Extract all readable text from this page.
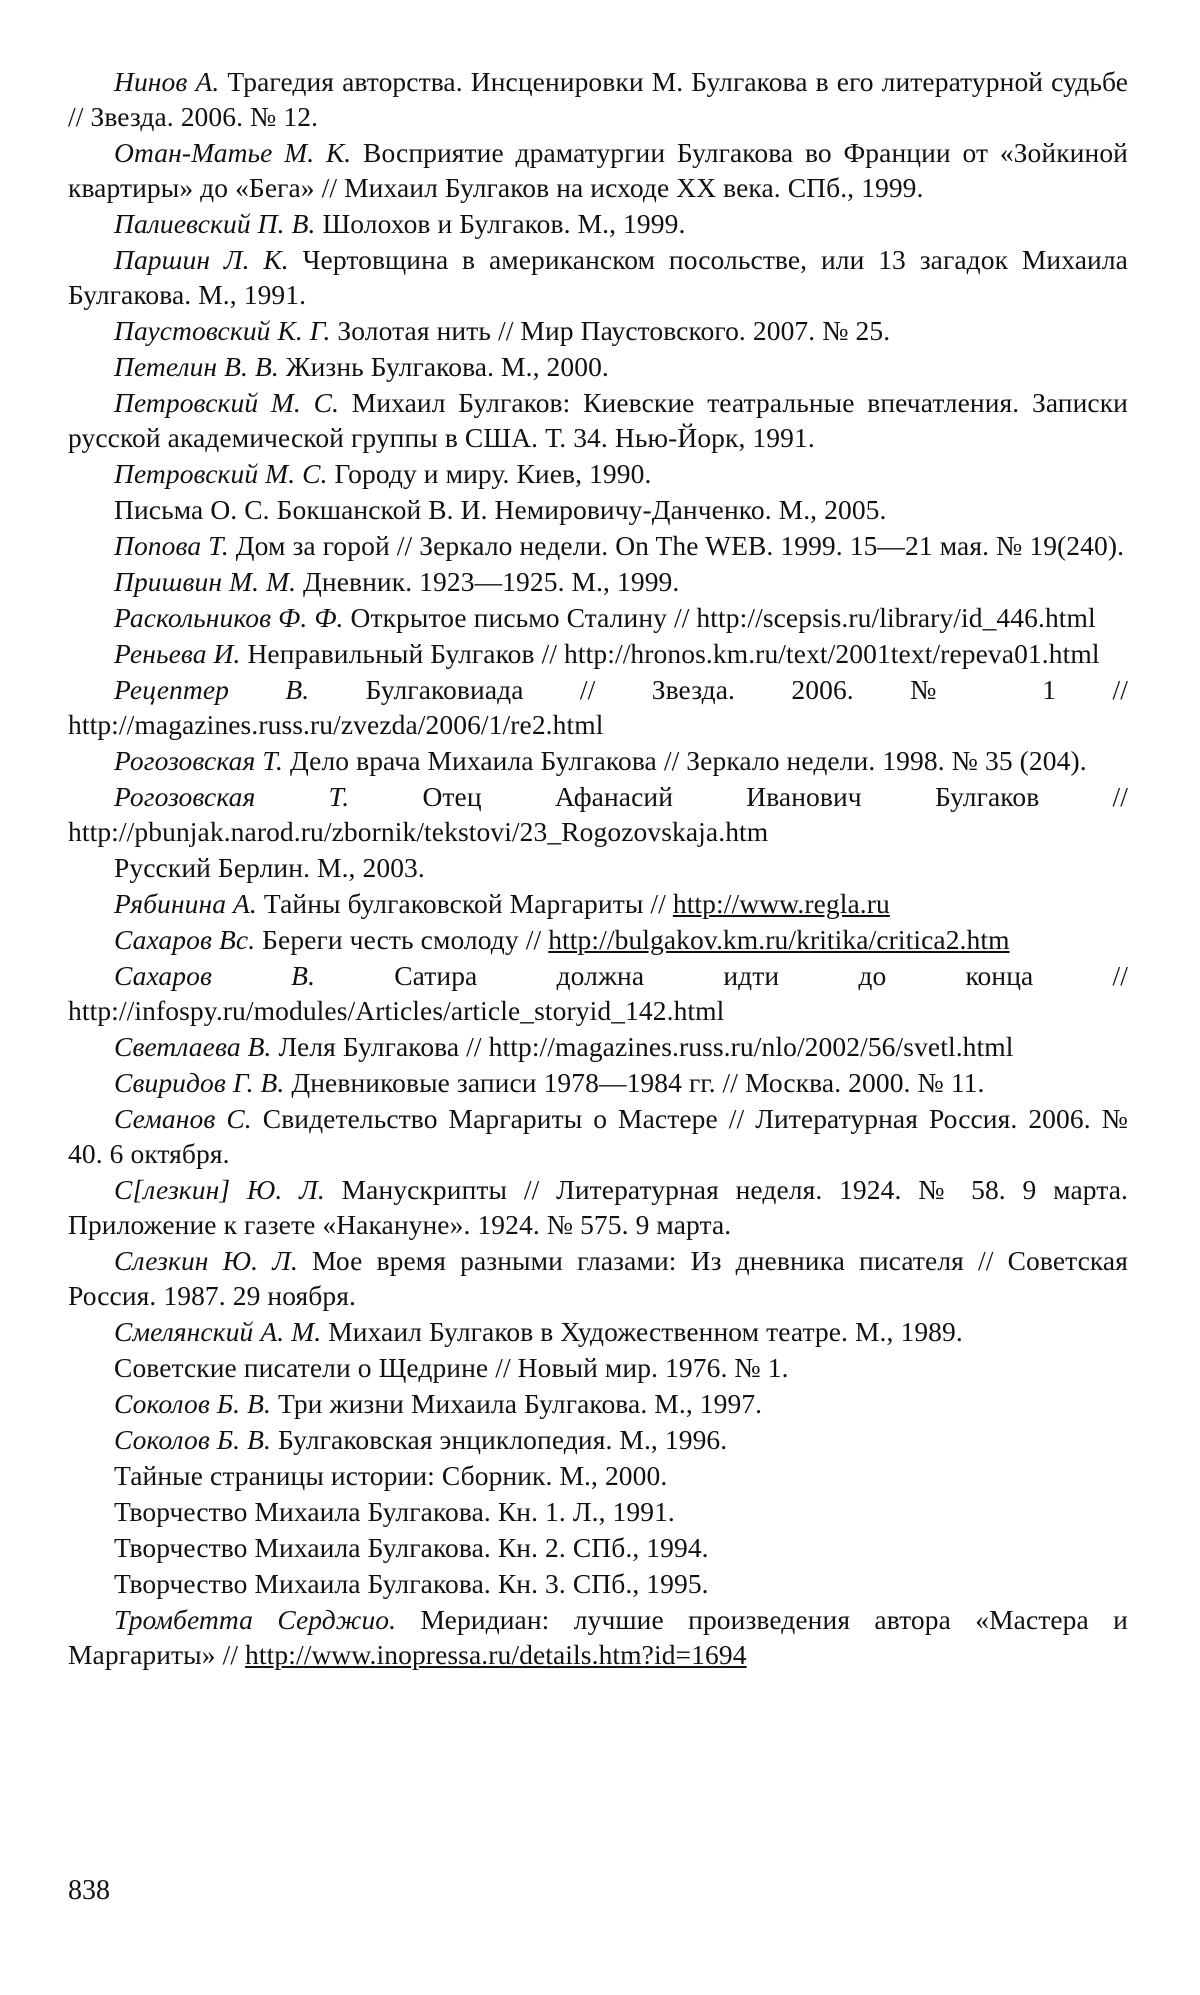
Нинов А. Трагедия авторства. Инсценировки М. Булгакова в его литературной судьбе // Звезда. 2006. № 12.

Отан-Матье М. К. Восприятие драматургии Булгакова во Франции от «Зойкиной квартиры» до «Бега» // Михаил Булгаков на исходе XX века. СПб., 1999.

Палиевский П. В. Шолохов и Булгаков. М., 1999.

Паршин Л. К. Чертовщина в американском посольстве, или 13 загадок Михаила Булгакова. М., 1991.

Паустовский К. Г. Золотая нить // Мир Паустовского. 2007. № 25.

Петелин В. В. Жизнь Булгакова. М., 2000.

Петровский М. С. Михаил Булгаков: Киевские театральные впечатления. Записки русской академической группы в США. Т. 34. Нью-Йорк, 1991.

Петровский М. С. Городу и миру. Киев, 1990.

Письма О. С. Бокшанской В. И. Немировичу-Данченко. М., 2005.

Попова Т. Дом за горой // Зеркало недели. On The WEB. 1999. 15—21 мая. № 19(240).

Пришвин М. М. Дневник. 1923—1925. М., 1999.

Раскольников Ф. Ф. Открытое письмо Сталину // http://scepsis.ru/library/id_446.html

Реньева И. Неправильный Булгаков // http://hronos.km.ru/text/2001text/repeva01.html

Рецептер В. Булгаковиада // Звезда. 2006. № 1 // http://magazines.russ.ru/zvezda/2006/1/re2.html

Рогозовская Т. Дело врача Михаила Булгакова // Зеркало недели. 1998. № 35 (204).

Рогозовская Т. Отец Афанасий Иванович Булгаков // http://pbunjak.narod.ru/zbornik/tekstovi/23_Rogozovskaja.htm

Русский Берлин. М., 2003.

Рябинина А. Тайны булгаковской Маргариты // http://www.regla.ru

Сахаров Вс. Береги честь смолоду // http://bulgakov.km.ru/kritika/critica2.htm

Сахаров В. Сатира должна идти до конца // http://infospy.ru/modules/Articles/article_storyid_142.html

Светлаева В. Леля Булгакова // http://magazines.russ.ru/nlo/2002/56/svetl.html

Свиридов Г. В. Дневниковые записи 1978—1984 гг. // Москва. 2000. № 11.

Семанов С. Свидетельство Маргариты о Мастере // Литературная Россия. 2006. № 40. 6 октября.

С[лезкин] Ю. Л. Манускрипты // Литературная неделя. 1924. № 58. 9 марта. Приложение к газете «Накануне». 1924. № 575. 9 марта.

Слезкин Ю. Л. Мое время разными глазами: Из дневника писателя // Советская Россия. 1987. 29 ноября.

Смелянский А. М. Михаил Булгаков в Художественном театре. М., 1989.

Советские писатели о Щедрине // Новый мир. 1976. № 1.

Соколов Б. В. Три жизни Михаила Булгакова. М., 1997.

Соколов Б. В. Булгаковская энциклопедия. М., 1996.

Тайные страницы истории: Сборник. М., 2000.

Творчество Михаила Булгакова. Кн. 1. Л., 1991.

Творчество Михаила Булгакова. Кн. 2. СПб., 1994.

Творчество Михаила Булгакова. Кн. 3. СПб., 1995.

Тромбетта Серджио. Меридиан: лучшие произведения автора «Мастера и Маргариты» // http://www.inopressa.ru/details.htm?id=1694

838
